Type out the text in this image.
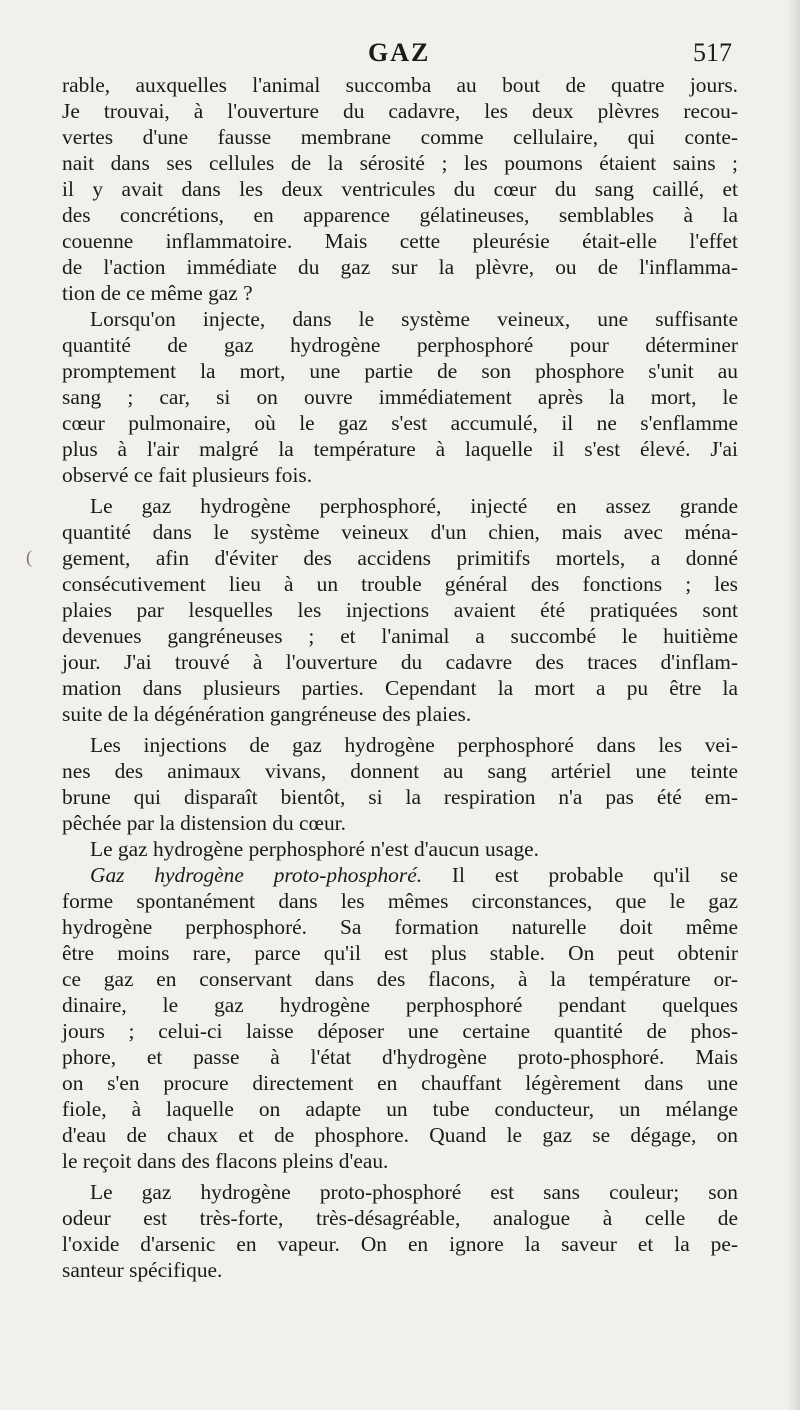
GAZ	517
(

rable, auxquelles l'animal succomba au bout de quatre jours.
Je trouvai, à l'ouverture du cadavre, les deux plèvres recou-
vertes d'une fausse membrane comme cellulaire, qui conte-
nait dans ses cellules de la sérosité ; les poumons étaient sains ;
il y avait dans les deux ventricules du cœur du sang caillé, et
des concrétions, en apparence gélatineuses, semblables à la
couenne inflammatoire. Mais cette pleurésie était-elle l'effet
de l'action immédiate du gaz sur la plèvre, ou de l'inflamma-
tion de ce même gaz ?

Lorsqu'on injecte, dans le système veineux, une suffisante
quantité de gaz hydrogène perphosphoré pour déterminer
promptement la mort, une partie de son phosphore s'unit au
sang ; car, si on ouvre immédiatement après la mort, le
cœur pulmonaire, où le gaz s'est accumulé, il ne s'enflamme
plus à l'air malgré la température à laquelle il s'est élevé. J'ai
observé ce fait plusieurs fois.

Le gaz hydrogène perphosphoré, injecté en assez grande
quantité dans le système veineux d'un chien, mais avec ména-
gement, afin d'éviter des accidens primitifs mortels, a donné
consécutivement lieu à un trouble général des fonctions ; les
plaies par lesquelles les injections avaient été pratiquées sont
devenues gangréneuses ; et l'animal a succombé le huitième
jour. J'ai trouvé à l'ouverture du cadavre des traces d'inflam-
mation dans plusieurs parties. Cependant la mort a pu être la
suite de la dégénération gangréneuse des plaies.

Les injections de gaz hydrogène perphosphoré dans les vei-
nes des animaux vivans, donnent au sang artériel une teinte
brune qui disparaît bientôt, si la respiration n'a pas été em-
pêchée par la distension du cœur.

Le gaz hydrogène perphosphoré n'est d'aucun usage.

Gaz hydrogène proto-phosphoré. Il est probable qu'il se
forme spontanément dans les mêmes circonstances, que le gaz
hydrogène perphosphoré. Sa formation naturelle doit même
être moins rare, parce qu'il est plus stable. On peut obtenir
ce gaz en conservant dans des flacons, à la température or-
dinaire, le gaz hydrogène perphosphoré pendant quelques
jours ; celui-ci laisse déposer une certaine quantité de phos-
phore, et passe à l'état d'hydrogène proto-phosphoré. Mais
on s'en procure directement en chauffant légèrement dans une
fiole, à laquelle on adapte un tube conducteur, un mélange
d'eau de chaux et de phosphore. Quand le gaz se dégage, on
le reçoit dans des flacons pleins d'eau.

Le gaz hydrogène proto-phosphoré est sans couleur; son
odeur est très-forte, très-désagréable, analogue à celle de
l'oxide d'arsenic en vapeur. On en ignore la saveur et la pe-
santeur spécifique.
